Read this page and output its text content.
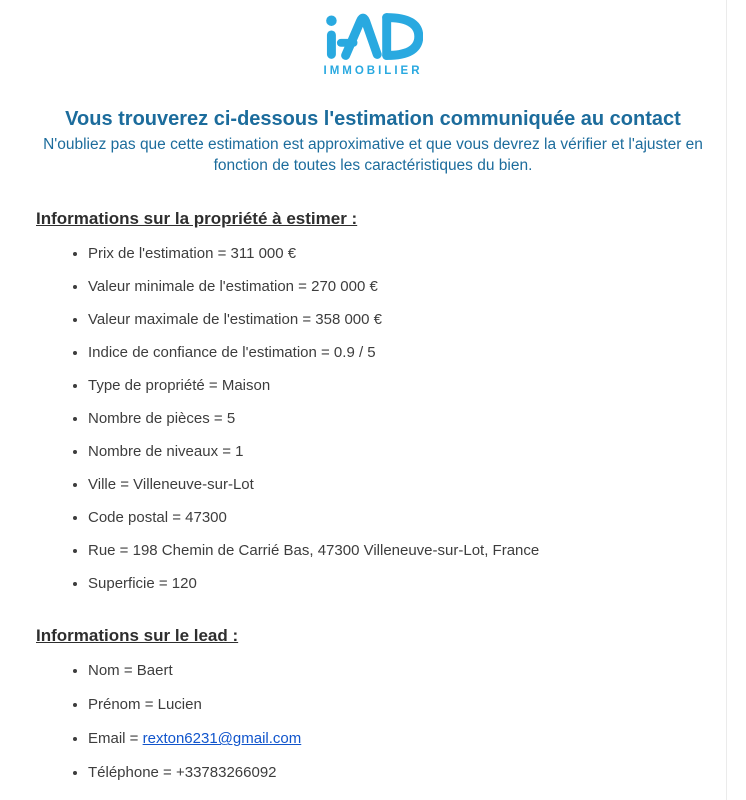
IMMOBILIER
Vous trouverez ci-dessous l'estimation communiquée au contact
N'oubliez pas que cette estimation est approximative et que vous devrez la vérifier et l'ajuster en fonction de toutes les caractéristiques du bien.
Informations sur la propriété à estimer :
• Prix de l'estimation = 311 000 €
• Valeur minimale de l'estimation = 270 000 €
• Valeur maximale de l'estimation = 358 000 €
• Indice de confiance de l'estimation = 0.9 / 5
• Type de propriété = Maison
• Nombre de pièces = 5
• Nombre de niveaux = 1
• Ville = Villeneuve-sur-Lot
• Code postal = 47300
• Rue = 198 Chemin de Carrié Bas, 47300 Villeneuve-sur-Lot, France
• Superficie = 120
Informations sur le lead :
• Nom = Baert
• Prénom = Lucien
• Email = rexton6231@gmail.com
• Téléphone = +33783266092
